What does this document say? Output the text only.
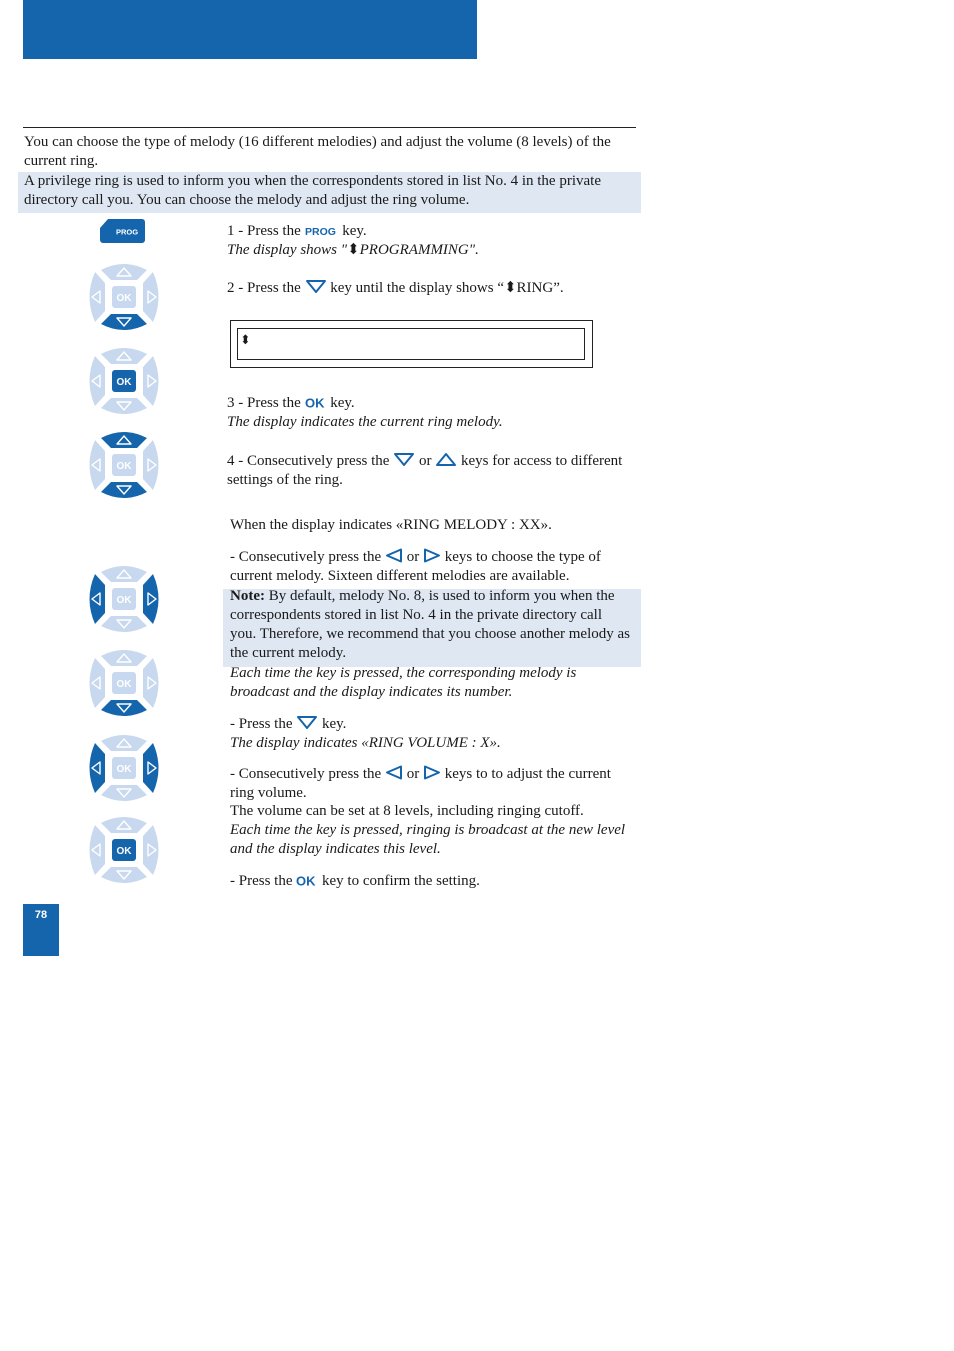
You can choose the type of melody (16 different melodies) and adjust the volume (8 levels) of the current ring.
A privilege ring is used to inform you when the correspondents stored in list No. 4 in the private directory call you. You can choose the melody and adjust the ring volume.
PROG
OK
OK
OK
OK
OK
OK
OK
1 - Press the PROG key.
The display shows "⬍PROGRAMMING".
2 - Press the key until the display shows “⬍RING”.
⬍
3 - Press the OK key.
The display indicates the current ring melody.
4 - Consecutively press the or keys for access to different settings of the ring.
When the display indicates «RING MELODY : XX».
- Consecutively press the or keys to choose the type of current melody. Sixteen different melodies are available.
Note: By default, melody No. 8, is used to inform you when the correspondents stored in list No. 4 in the private directory call you. Therefore, we recommend that you choose another melody as the current melody.
Each time the key is pressed, the corresponding melody is broadcast and the display indicates its number.
- Press the key.
The display indicates «RING VOLUME : X».
- Consecutively press the or keys to to adjust the current ring volume.
The volume can be set at 8 levels, including ringing cutoff.
Each time the key is pressed, ringing is broadcast at the new level and the display indicates this level.
- Press the OK key to confirm the setting.
78
